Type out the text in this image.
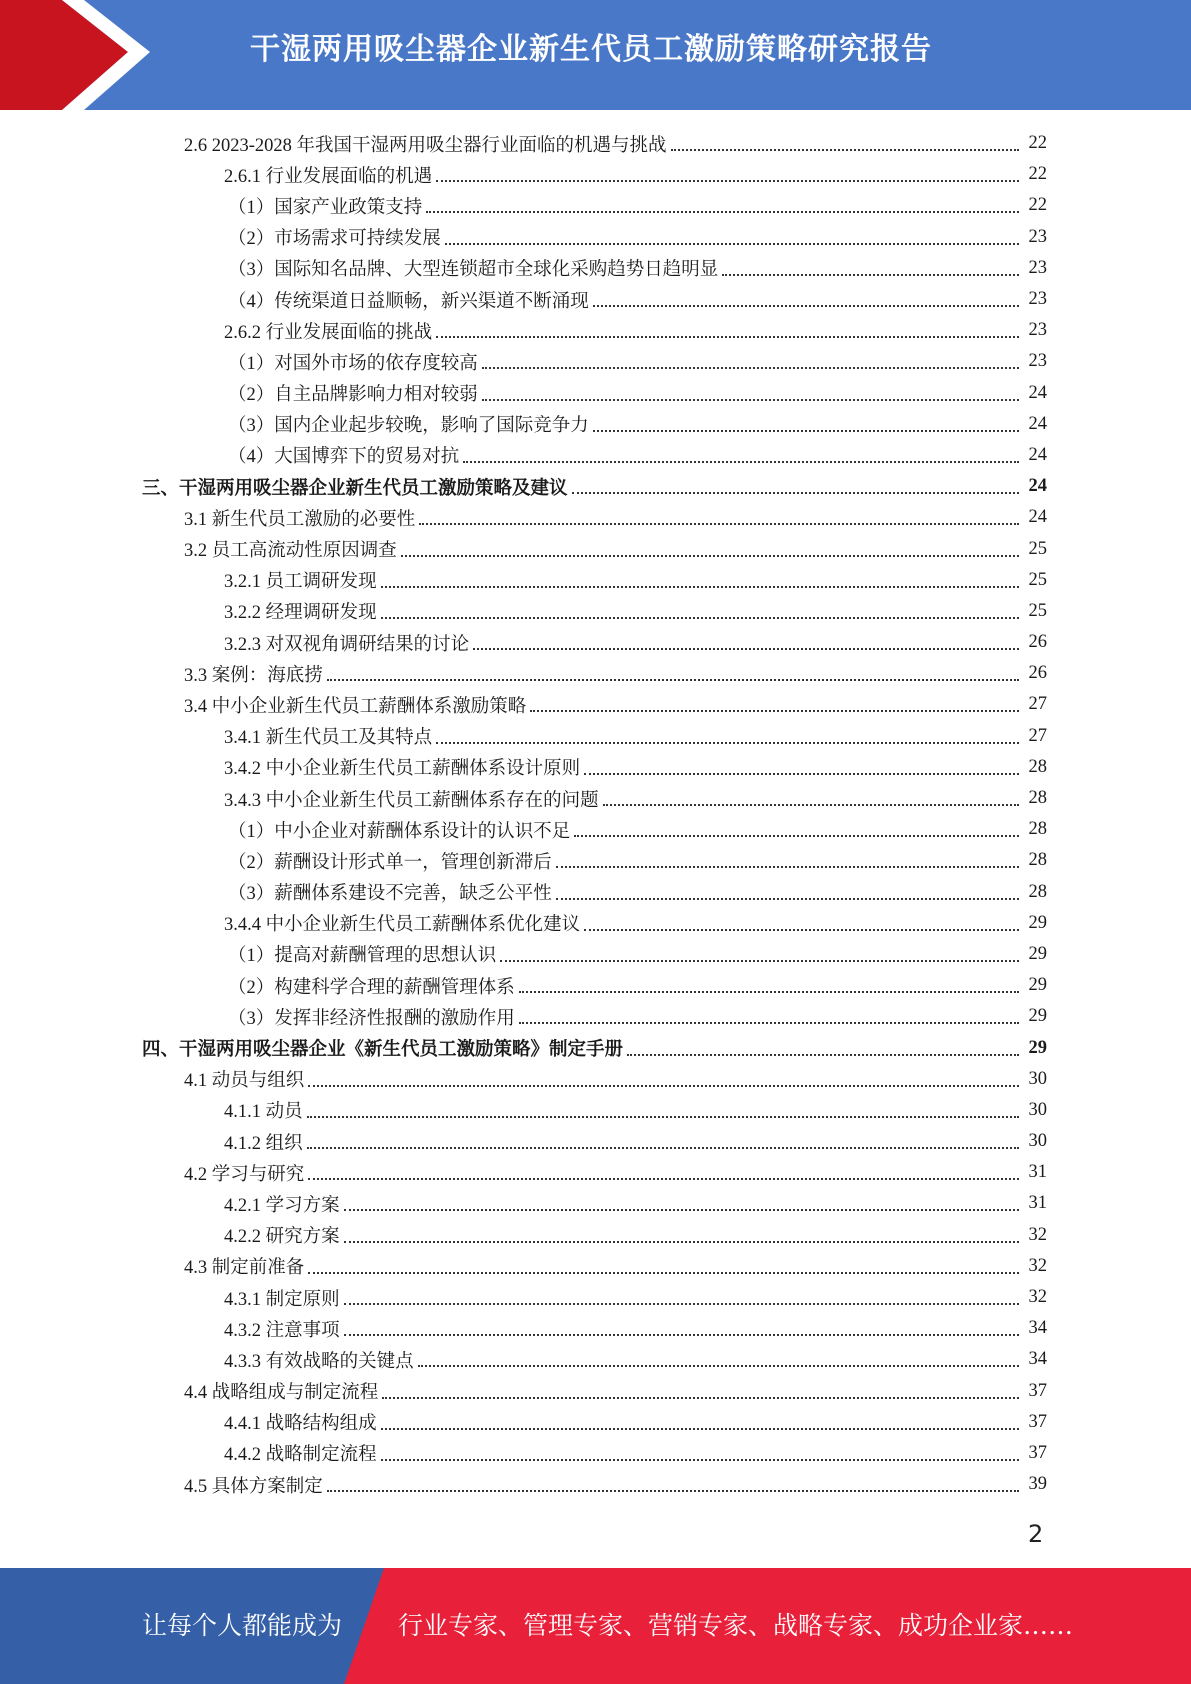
干湿两用吸尘器企业新生代员工激励策略研究报告
2.6 2023-2028 年我国干湿两用吸尘器行业面临的机遇与挑战	22
2.6.1 行业发展面临的机遇	22
（1）国家产业政策支持	22
（2）市场需求可持续发展	23
（3）国际知名品牌、大型连锁超市全球化采购趋势日趋明显	23
（4）传统渠道日益顺畅，新兴渠道不断涌现	23
2.6.2 行业发展面临的挑战	23
（1）对国外市场的依存度较高	23
（2）自主品牌影响力相对较弱	24
（3）国内企业起步较晚，影响了国际竞争力	24
（4）大国博弈下的贸易对抗	24
三、干湿两用吸尘器企业新生代员工激励策略及建议	24
3.1 新生代员工激励的必要性	24
3.2 员工高流动性原因调查	25
3.2.1 员工调研发现	25
3.2.2 经理调研发现	25
3.2.3 对双视角调研结果的讨论	26
3.3 案例：海底捞	26
3.4 中小企业新生代员工薪酬体系激励策略	27
3.4.1 新生代员工及其特点	27
3.4.2 中小企业新生代员工薪酬体系设计原则	28
3.4.3 中小企业新生代员工薪酬体系存在的问题	28
（1）中小企业对薪酬体系设计的认识不足	28
（2）薪酬设计形式单一，管理创新滞后	28
（3）薪酬体系建设不完善，缺乏公平性	28
3.4.4 中小企业新生代员工薪酬体系优化建议	29
（1）提高对薪酬管理的思想认识	29
（2）构建科学合理的薪酬管理体系	29
（3）发挥非经济性报酬的激励作用	29
四、干湿两用吸尘器企业《新生代员工激励策略》制定手册	29
4.1 动员与组织	30
4.1.1 动员	30
4.1.2 组织	30
4.2 学习与研究	31
4.2.1 学习方案	31
4.2.2 研究方案	32
4.3 制定前准备	32
4.3.1 制定原则	32
4.3.2 注意事项	34
4.3.3 有效战略的关键点	34
4.4 战略组成与制定流程	37
4.4.1 战略结构组成	37
4.4.2 战略制定流程	37
4.5 具体方案制定	39
2
让每个人都能成为 行业专家、管理专家、营销专家、战略专家、成功企业家……
